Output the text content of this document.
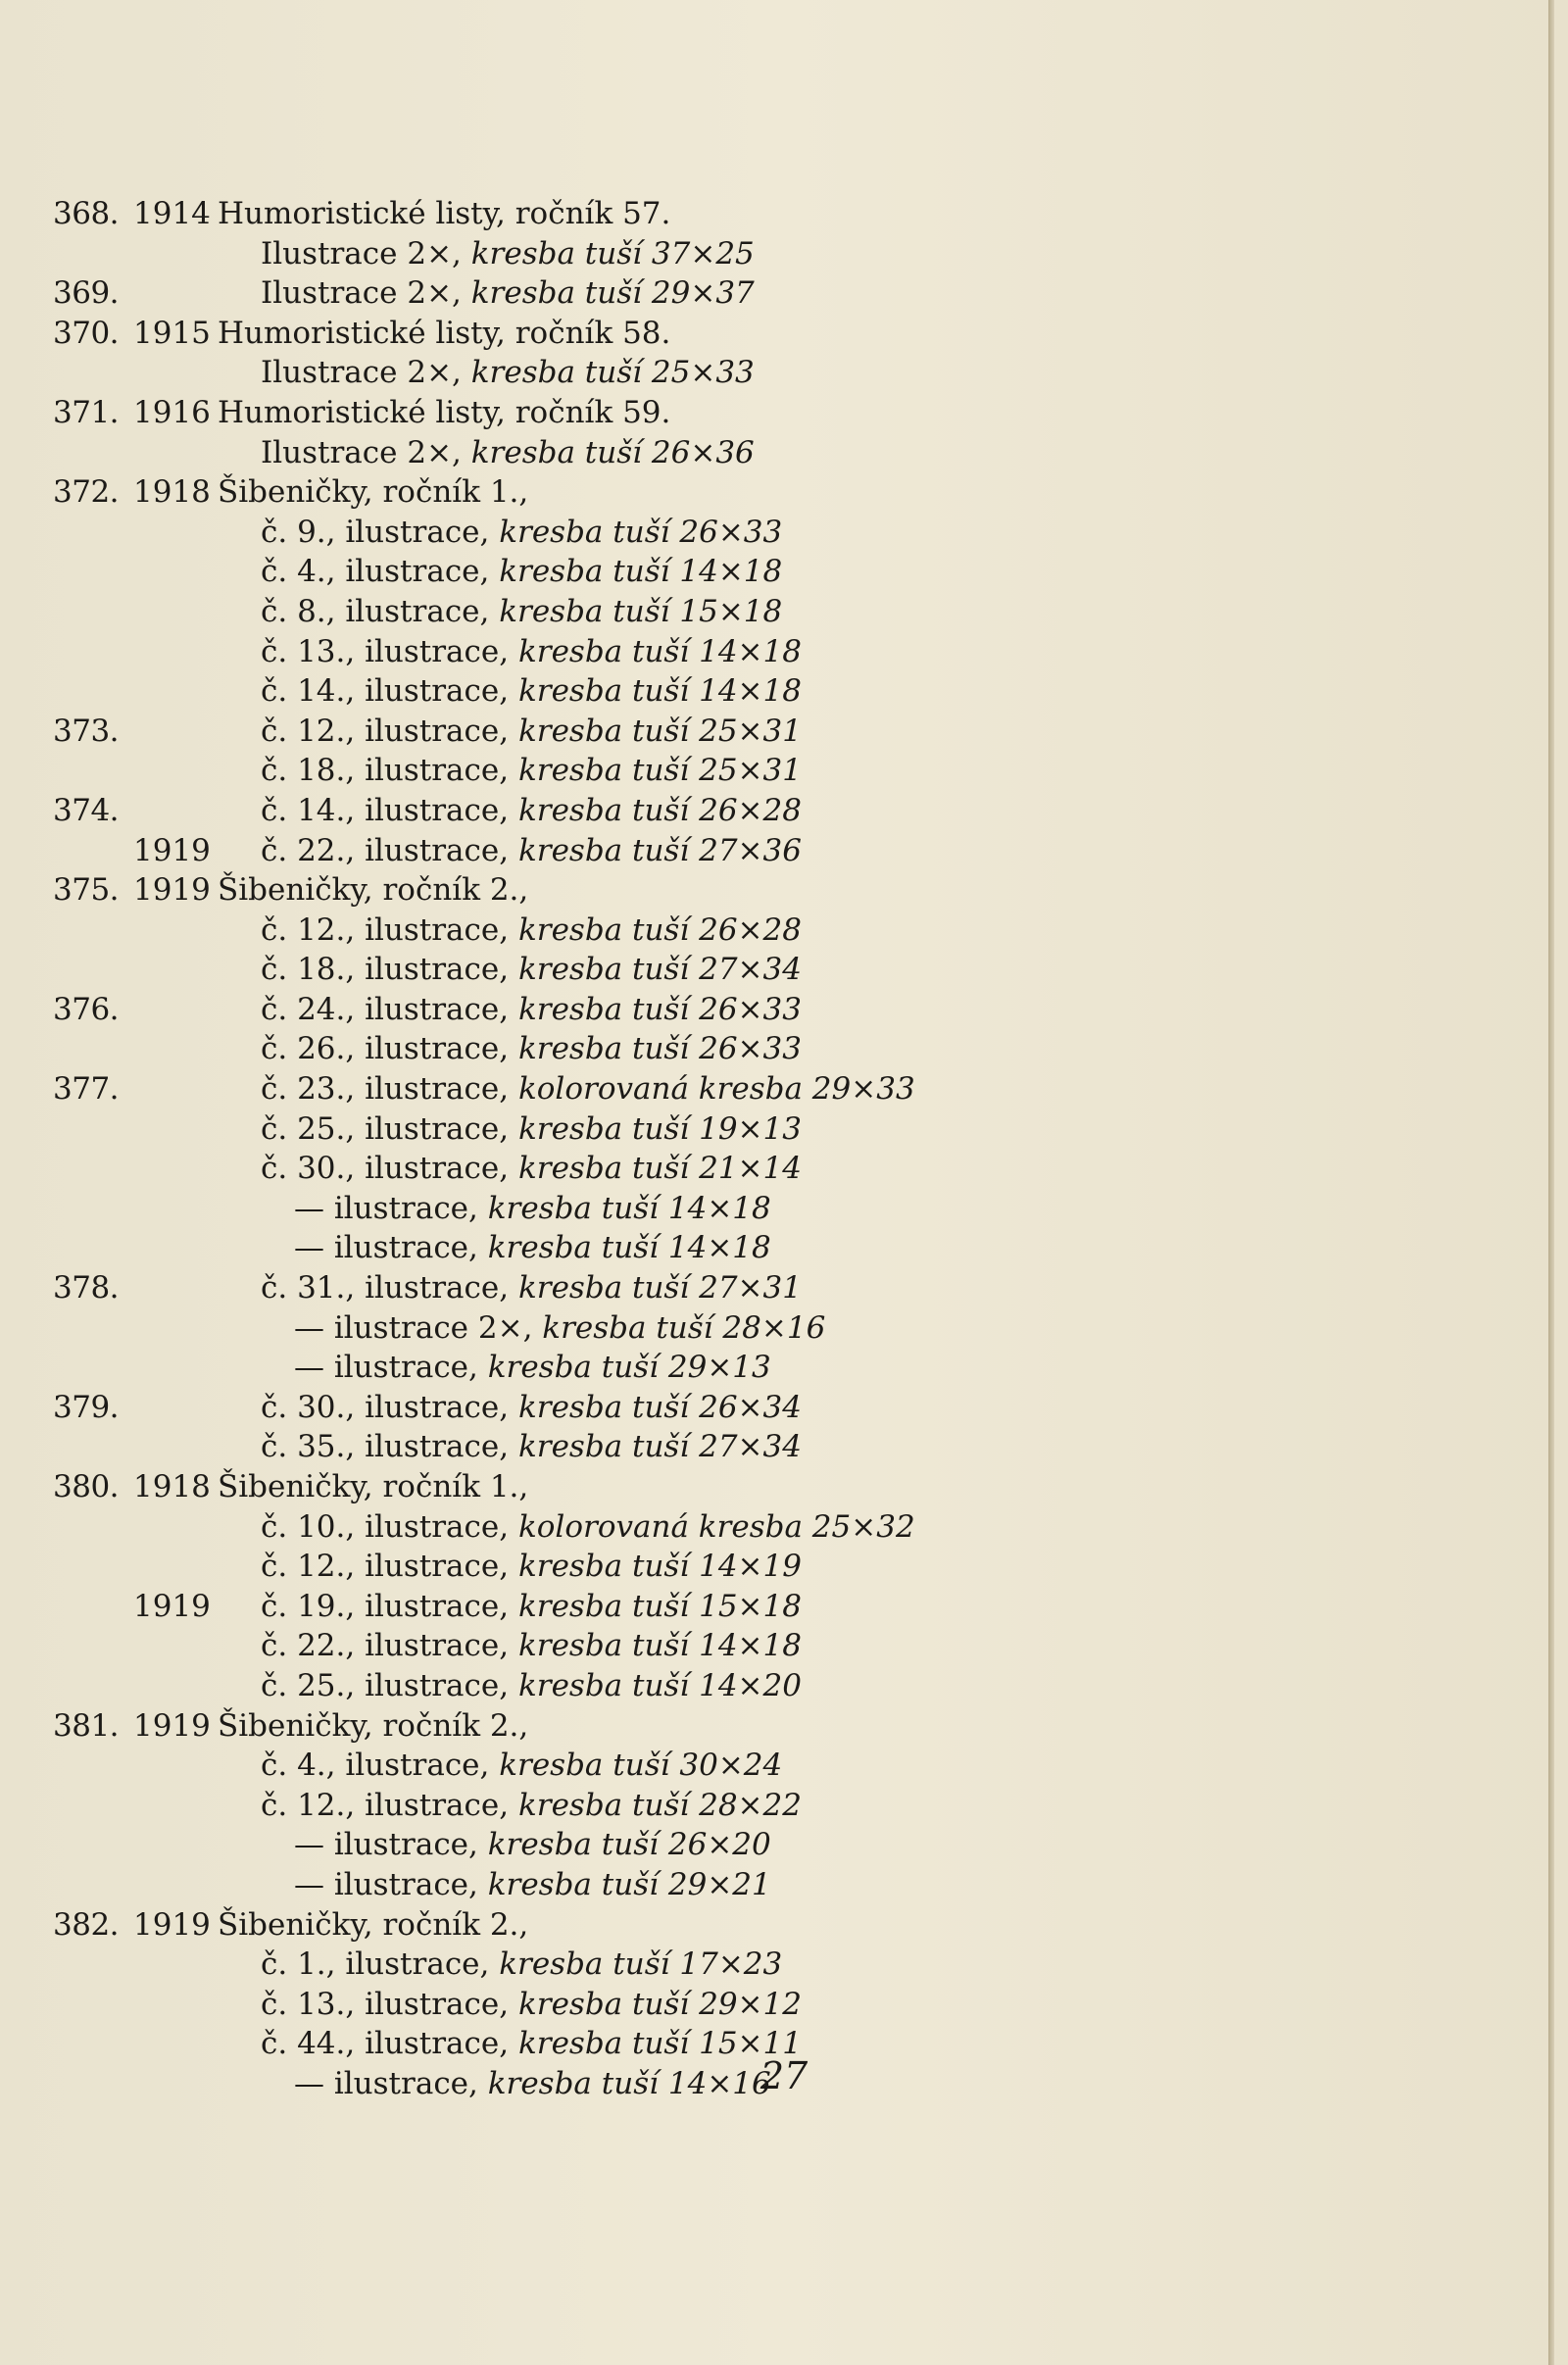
368. 1914 Humoristické listy, ročník 57.
Ilustrace 2×, kresba tuší 37×25
369.	Ilustrace 2×, kresba tuší 29×37
370. 1915 Humoristické listy, ročník 58.
Ilustrace 2×, kresba tuší 25×33
371. 1916 Humoristické listy, ročník 59.
Ilustrace 2×, kresba tuší 26×36
372. 1918 Šibeničky, ročník 1.,
č. 9., ilustrace, kresba tuší 26×33
č. 4., ilustrace, kresba tuší 14×18
č. 8., ilustrace, kresba tuší 15×18
č. 13., ilustrace, kresba tuší 14×18
č. 14., ilustrace, kresba tuší 14×18
373.	č. 12., ilustrace, kresba tuší 25×31
č. 18., ilustrace, kresba tuší 25×31
374.	č. 14., ilustrace, kresba tuší 26×28
1919 č. 22., ilustrace, kresba tuší 27×36
375. 1919 Šibeničky, ročník 2.,
č. 12., ilustrace, kresba tuší 26×28
č. 18., ilustrace, kresba tuší 27×34
376.	č. 24., ilustrace, kresba tuší 26×33
č. 26., ilustrace, kresba tuší 26×33
377.	č. 23., ilustrace, kolorovaná kresba 29×33
č. 25., ilustrace, kresba tuší 19×13
č. 30., ilustrace, kresba tuší 21×14
— ilustrace, kresba tuší 14×18
— ilustrace, kresba tuší 14×18
378.	č. 31., ilustrace, kresba tuší 27×31
— ilustrace 2×, kresba tuší 28×16
— ilustrace, kresba tuší 29×13
379.	č. 30., ilustrace, kresba tuší 26×34
č. 35., ilustrace, kresba tuší 27×34
380. 1918 Šibeničky, ročník 1.,
č. 10., ilustrace, kolorovaná kresba 25×32
č. 12., ilustrace, kresba tuší 14×19
1919 č. 19., ilustrace, kresba tuší 15×18
č. 22., ilustrace, kresba tuší 14×18
č. 25., ilustrace, kresba tuší 14×20
381. 1919 Šibeničky, ročník 2.,
č. 4., ilustrace, kresba tuší 30×24
č. 12., ilustrace, kresba tuší 28×22
— ilustrace, kresba tuší 26×20
— ilustrace, kresba tuší 29×21
382. 1919 Šibeničky, ročník 2.,
č. 1., ilustrace, kresba tuší 17×23
č. 13., ilustrace, kresba tuší 29×12
č. 44., ilustrace, kresba tuší 15×11
— ilustrace, kresba tuší 14×16
27
